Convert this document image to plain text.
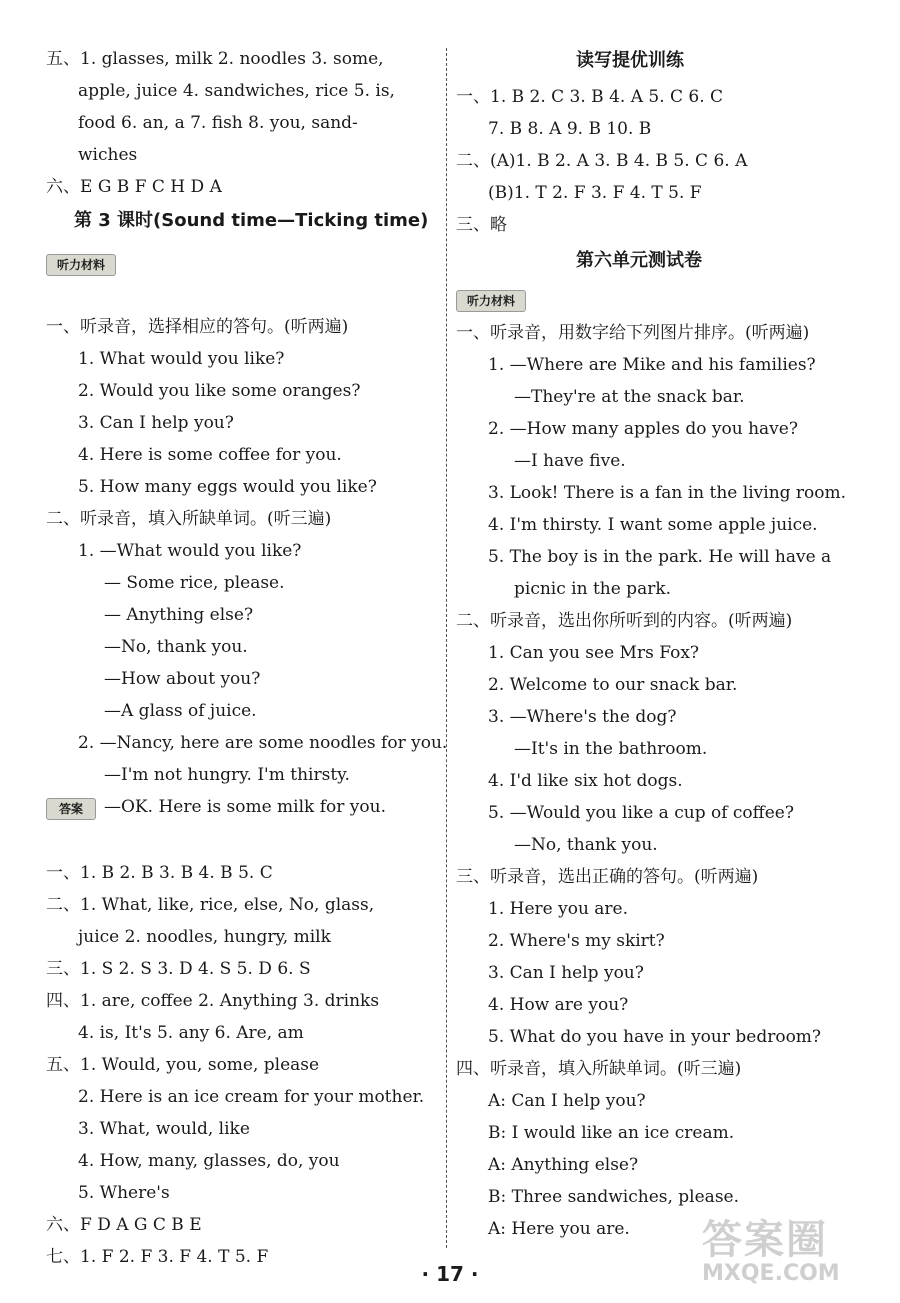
听力材料
答案
五、1. glasses, milk 2. noodles 3. some,
apple, juice 4. sandwiches, rice 5. is,
food 6. an, a 7. fish 8. you, sand-
wiches
六、E G B F C H D A
第 3 课时(Sound time—Ticking time)
一、听录音，选择相应的答句。(听两遍)
1. What would you like?
2. Would you like some oranges?
3. Can I help you?
4. Here is some coffee for you.
5. How many eggs would you like?
二、听录音，填入所缺单词。(听三遍)
1. —What would you like?
— Some rice, please.
— Anything else?
—No, thank you.
—How about you?
—A glass of juice.
2. —Nancy, here are some noodles for you.
—I'm not hungry. I'm thirsty.
—OK. Here is some milk for you.
一、1. B 2. B 3. B 4. B 5. C
二、1. What, like, rice, else, No, glass,
juice 2. noodles, hungry, milk
三、1. S 2. S 3. D 4. S 5. D 6. S
四、1. are, coffee 2. Anything 3. drinks
4. is, It's 5. any 6. Are, am
五、1. Would, you, some, please
2. Here is an ice cream for your mother.
3. What, would, like
4. How, many, glasses, do, you
5. Where's
六、F D A G C B E
七、1. F 2. F 3. F 4. T 5. F
听力材料
读写提优训练
一、1. B 2. C 3. B 4. A 5. C 6. C
7. B 8. A 9. B 10. B
二、(A)1. B 2. A 3. B 4. B 5. C 6. A
(B)1. T 2. F 3. F 4. T 5. F
三、略
第六单元测试卷
一、听录音，用数字给下列图片排序。(听两遍)
1. —Where are Mike and his families?
—They're at the snack bar.
2. —How many apples do you have?
—I have five.
3. Look! There is a fan in the living room.
4. I'm thirsty. I want some apple juice.
5. The boy is in the park. He will have a
picnic in the park.
二、听录音，选出你所听到的内容。(听两遍)
1. Can you see Mrs Fox?
2. Welcome to our snack bar.
3. —Where's the dog?
—It's in the bathroom.
4. I'd like six hot dogs.
5. —Would you like a cup of coffee?
—No, thank you.
三、听录音，选出正确的答句。(听两遍)
1. Here you are.
2. Where's my skirt?
3. Can I help you?
4. How are you?
5. What do you have in your bedroom?
四、听录音，填入所缺单词。(听三遍)
A: Can I help you?
B: I would like an ice cream.
A: Anything else?
B: Three sandwiches, please.
A: Here you are.
· 17 ·
答案圈
MXQE.COM
